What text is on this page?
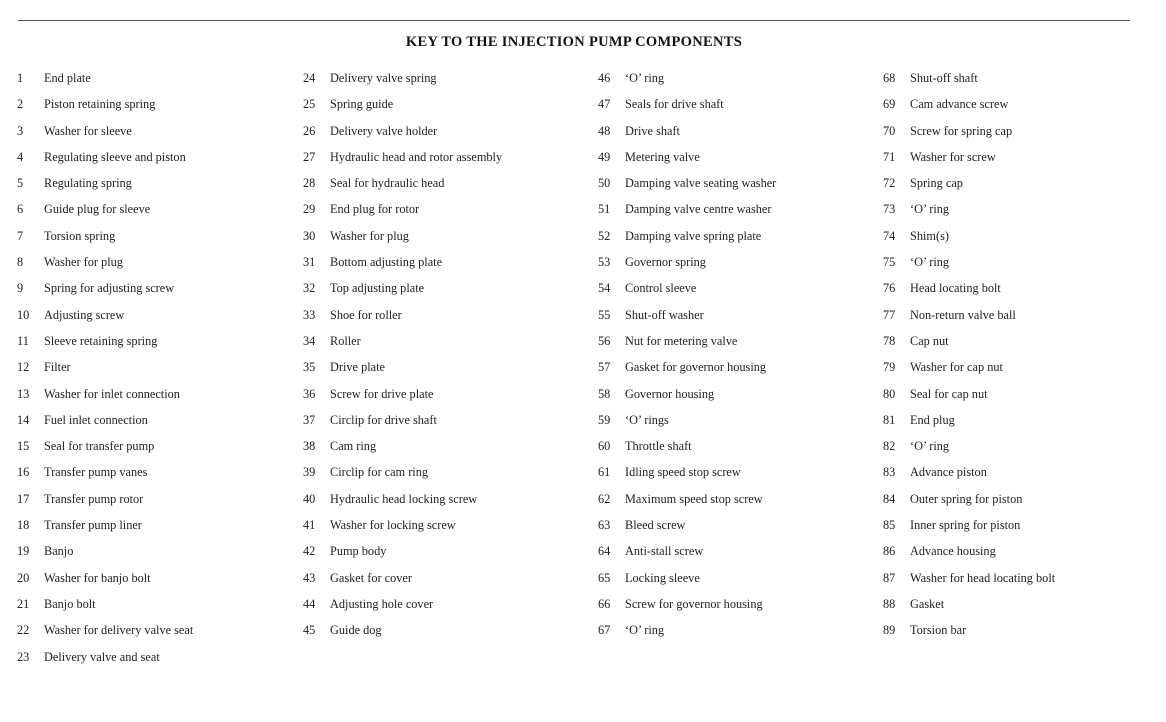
KEY TO THE INJECTION PUMP COMPONENTS
1	End plate
2	Piston retaining spring
3	Washer for sleeve
4	Regulating sleeve and piston
5	Regulating spring
6	Guide plug for sleeve
7	Torsion spring
8	Washer for plug
9	Spring for adjusting screw
10	Adjusting screw
11	Sleeve retaining spring
12	Filter
13	Washer for inlet connection
14	Fuel inlet connection
15	Seal for transfer pump
16	Transfer pump vanes
17	Transfer pump rotor
18	Transfer pump liner
19	Banjo
20	Washer for banjo bolt
21	Banjo bolt
22	Washer for delivery valve seat
23	Delivery valve and seat
24	Delivery valve spring
25	Spring guide
26	Delivery valve holder
27	Hydraulic head and rotor assembly
28	Seal for hydraulic head
29	End plug for rotor
30	Washer for plug
31	Bottom adjusting plate
32	Top adjusting plate
33	Shoe for roller
34	Roller
35	Drive plate
36	Screw for drive plate
37	Circlip for drive shaft
38	Cam ring
39	Circlip for cam ring
40	Hydraulic head locking screw
41	Washer for locking screw
42	Pump body
43	Gasket for cover
44	Adjusting hole cover
45	Guide dog
46	‘O’ ring
47	Seals for drive shaft
48	Drive shaft
49	Metering valve
50	Damping valve seating washer
51	Damping valve centre washer
52	Damping valve spring plate
53	Governor spring
54	Control sleeve
55	Shut-off washer
56	Nut for metering valve
57	Gasket for governor housing
58	Governor housing
59	‘O’ rings
60	Throttle shaft
61	Idling speed stop screw
62	Maximum speed stop screw
63	Bleed screw
64	Anti-stall screw
65	Locking sleeve
66	Screw for governor housing
67	‘O’ ring
68	Shut-off shaft
69	Cam advance screw
70	Screw for spring cap
71	Washer for screw
72	Spring cap
73	‘O’ ring
74	Shim(s)
75	‘O’ ring
76	Head locating bolt
77	Non-return valve ball
78	Cap nut
79	Washer for cap nut
80	Seal for cap nut
81	End plug
82	‘O’ ring
83	Advance piston
84	Outer spring for piston
85	Inner spring for piston
86	Advance housing
87	Washer for head locating bolt
88	Gasket
89	Torsion bar
